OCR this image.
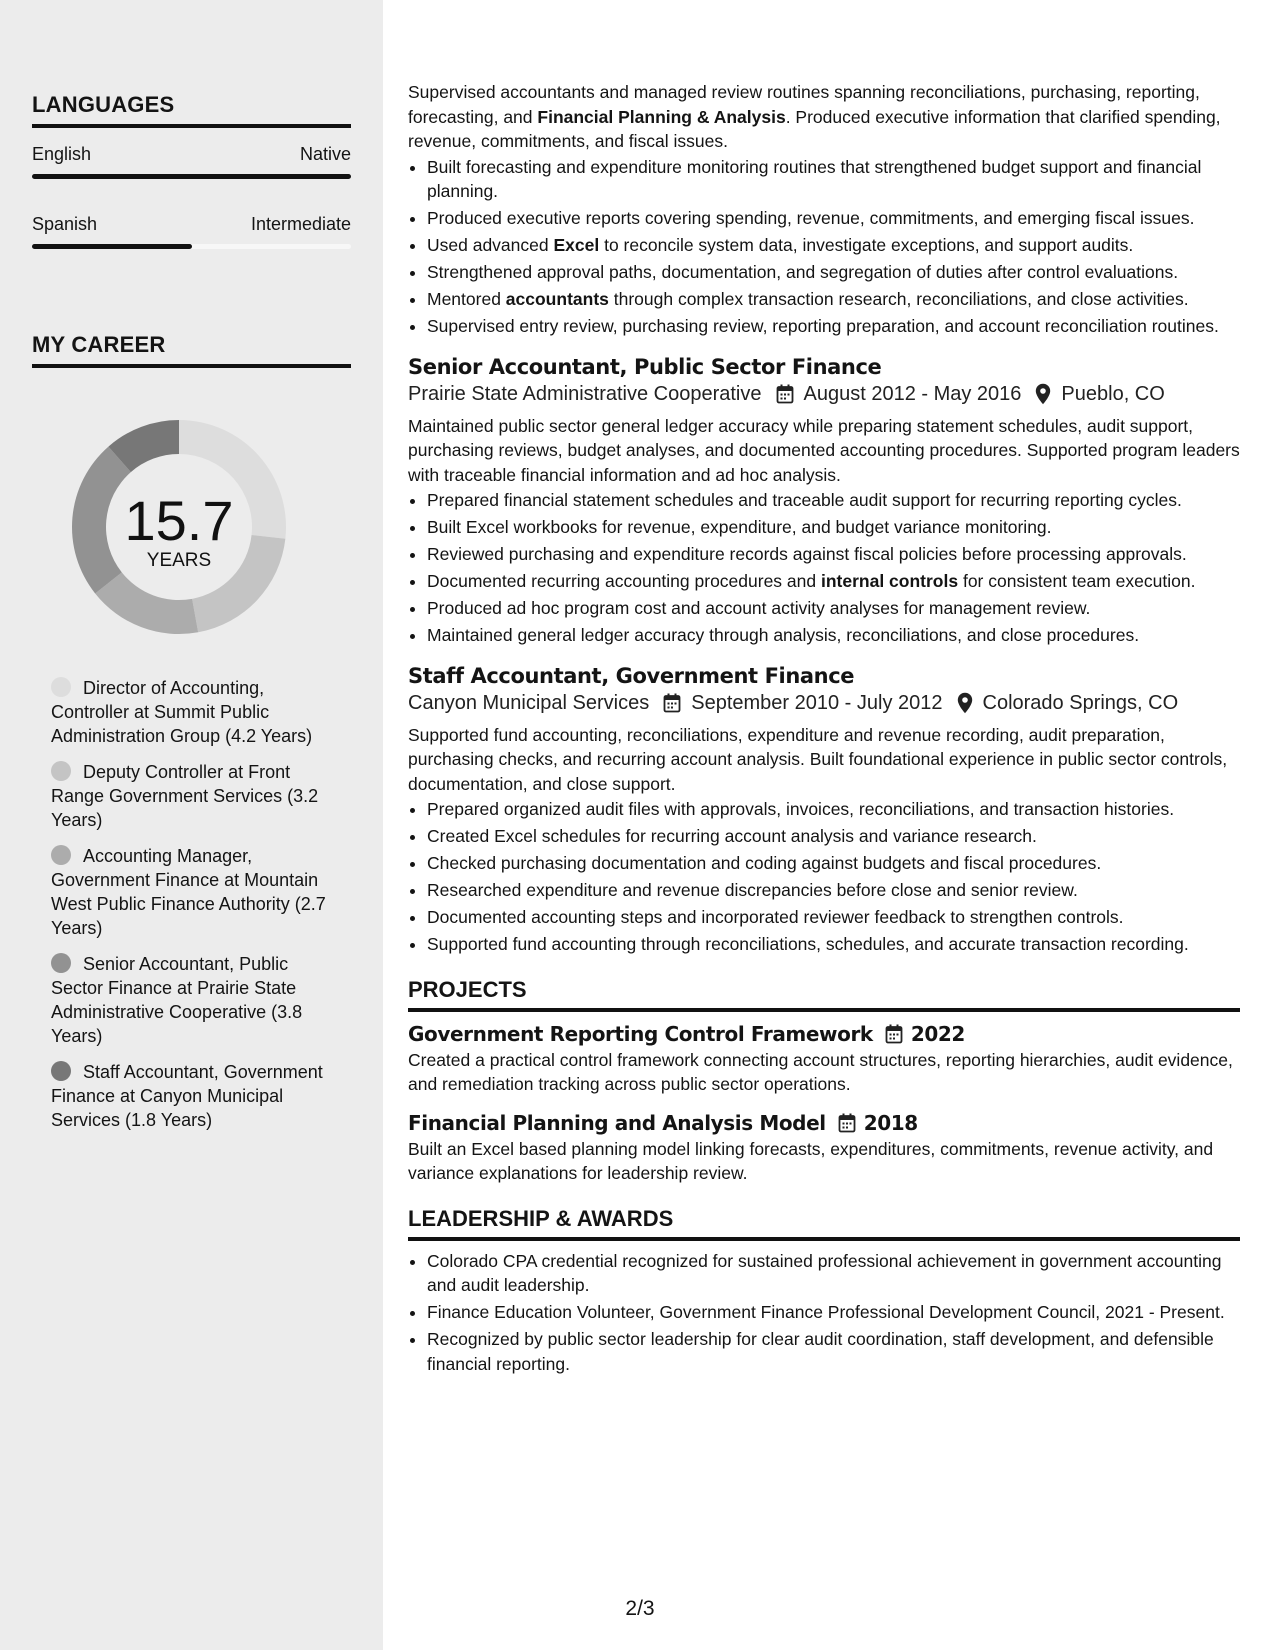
LANGUAGES
English	Native
Spanish	Intermediate
MY CAREER
15.7
YEARS
Director of Accounting, Controller at Summit Public Administration Group (4.2 Years)
Deputy Controller at Front Range Government Services (3.2 Years)
Accounting Manager, Government Finance at Mountain West Public Finance Authority (2.7 Years)
Senior Accountant, Public Sector Finance at Prairie State Administrative Cooperative (3.8 Years)
Staff Accountant, Government Finance at Canyon Municipal Services (1.8 Years)

Supervised accountants and managed review routines spanning reconciliations, purchasing, reporting, forecasting, and Financial Planning & Analysis. Produced executive information that clarified spending, revenue, commitments, and fiscal issues.

• Built forecasting and expenditure monitoring routines that strengthened budget support and financial planning.
• Produced executive reports covering spending, revenue, commitments, and emerging fiscal issues.
• Used advanced Excel to reconcile system data, investigate exceptions, and support audits.
• Strengthened approval paths, documentation, and segregation of duties after control evaluations.
• Mentored accountants through complex transaction research, reconciliations, and close activities.
• Supervised entry review, purchasing review, reporting preparation, and account reconciliation routines.
Senior Accountant, Public Sector Finance
Prairie State Administrative Cooperative August 2012 - May 2016 Pueblo, CO

Maintained public sector general ledger accuracy while preparing statement schedules, audit support, purchasing reviews, budget analyses, and documented accounting procedures. Supported program leaders with traceable financial information and ad hoc analysis.

• Prepared financial statement schedules and traceable audit support for recurring reporting cycles.
• Built Excel workbooks for revenue, expenditure, and budget variance monitoring.
• Reviewed purchasing and expenditure records against fiscal policies before processing approvals.
• Documented recurring accounting procedures and internal controls for consistent team execution.
• Produced ad hoc program cost and account activity analyses for management review.
• Maintained general ledger accuracy through analysis, reconciliations, and close procedures.
Staff Accountant, Government Finance
Canyon Municipal Services September 2010 - July 2012 Colorado Springs, CO

Supported fund accounting, reconciliations, expenditure and revenue recording, audit preparation, purchasing checks, and recurring account analysis. Built foundational experience in public sector controls, documentation, and close support.

• Prepared organized audit files with approvals, invoices, reconciliations, and transaction histories.
• Created Excel schedules for recurring account analysis and variance research.
• Checked purchasing documentation and coding against budgets and fiscal procedures.
• Researched expenditure and revenue discrepancies before close and senior review.
• Documented accounting steps and incorporated reviewer feedback to strengthen controls.
• Supported fund accounting through reconciliations, schedules, and accurate transaction recording.
PROJECTS
Government Reporting Control Framework 2022

Created a practical control framework connecting account structures, reporting hierarchies, audit evidence, and remediation tracking across public sector operations.

Financial Planning and Analysis Model 2018

Built an Excel based planning model linking forecasts, expenditures, commitments, revenue activity, and variance explanations for leadership review.

LEADERSHIP & AWARDS
• Colorado CPA credential recognized for sustained professional achievement in government accounting and audit leadership.
• Finance Education Volunteer, Government Finance Professional Development Council, 2021 - Present.
• Recognized by public sector leadership for clear audit coordination, staff development, and defensible financial reporting.
2/3
